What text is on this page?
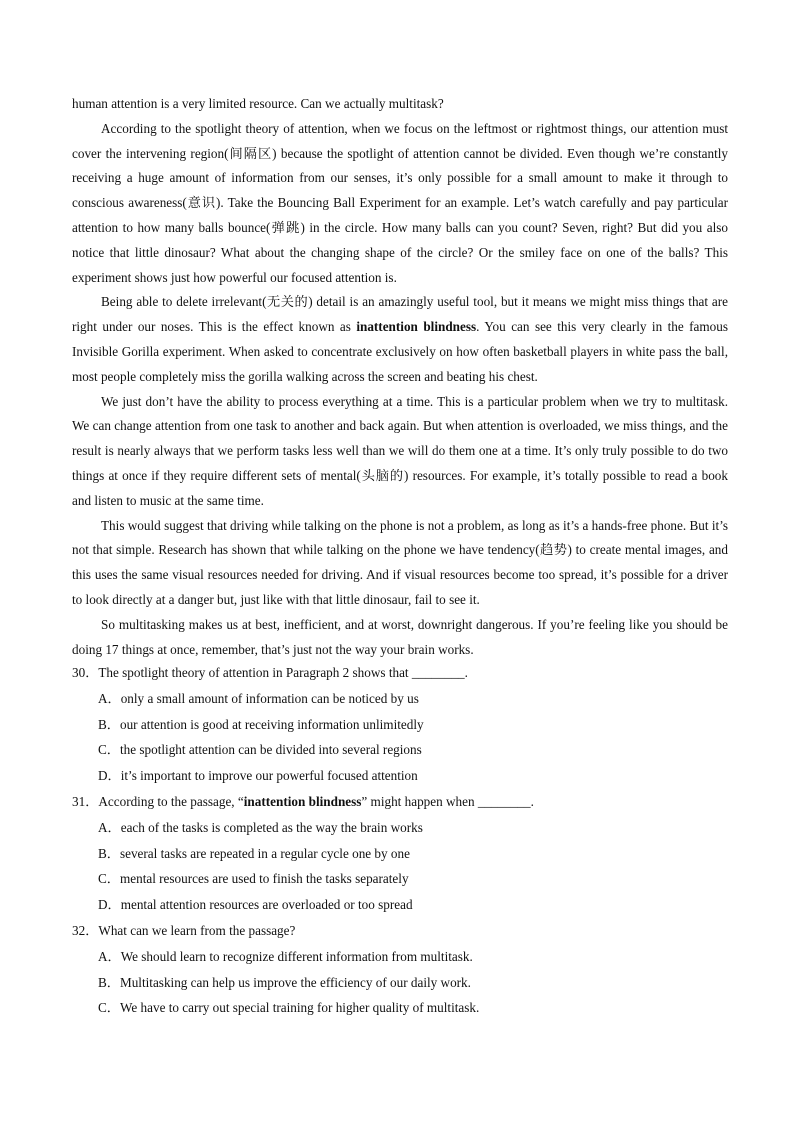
human attention is a very limited resource. Can we actually multitask?

According to the spotlight theory of attention, when we focus on the leftmost or rightmost things, our attention must cover the intervening region(间隔区) because the spotlight of attention cannot be divided. Even though we’re constantly receiving a huge amount of information from our senses, it’s only possible for a small amount to make it through to conscious awareness(意识). Take the Bouncing Ball Experiment for an example. Let’s watch carefully and pay particular attention to how many balls bounce(弹跳) in the circle. How many balls can you count? Seven, right? But did you also notice that little dinosaur? What about the changing shape of the circle? Or the smiley face on one of the balls? This experiment shows just how powerful our focused attention is.

Being able to delete irrelevant(无关的) detail is an amazingly useful tool, but it means we might miss things that are right under our noses. This is the effect known as inattention blindness. You can see this very clearly in the famous Invisible Gorilla experiment. When asked to concentrate exclusively on how often basketball players in white pass the ball, most people completely miss the gorilla walking across the screen and beating his chest.

We just don’t have the ability to process everything at a time. This is a particular problem when we try to multitask. We can change attention from one task to another and back again. But when attention is overloaded, we miss things, and the result is nearly always that we perform tasks less well than we will do them one at a time. It’s only truly possible to do two things at once if they require different sets of mental(头脑的) resources. For example, it’s totally possible to read a book and listen to music at the same time.

This would suggest that driving while talking on the phone is not a problem, as long as it’s a hands-free phone. But it’s not that simple. Research has shown that while talking on the phone we have tendency(趋势) to create mental images, and this uses the same visual resources needed for driving. And if visual resources become too spread, it’s possible for a driver to look directly at a danger but, just like with that little dinosaur, fail to see it.

So multitasking makes us at best, inefficient, and at worst, downright dangerous. If you’re feeling like you should be doing 17 things at once, remember, that’s just not the way your brain works.

30．The spotlight theory of attention in Paragraph 2 shows that ________.

A．only a small amount of information can be noticed by us

B．our attention is good at receiving information unlimitedly

C．the spotlight attention can be divided into several regions

D．it’s important to improve our powerful focused attention

31．According to the passage, “inattention blindness” might happen when ________.

A．each of the tasks is completed as the way the brain works

B．several tasks are repeated in a regular cycle one by one

C．mental resources are used to finish the tasks separately

D．mental attention resources are overloaded or too spread

32．What can we learn from the passage?

A．We should learn to recognize different information from multitask.

B．Multitasking can help us improve the efficiency of our daily work.

C．We have to carry out special training for higher quality of multitask.
